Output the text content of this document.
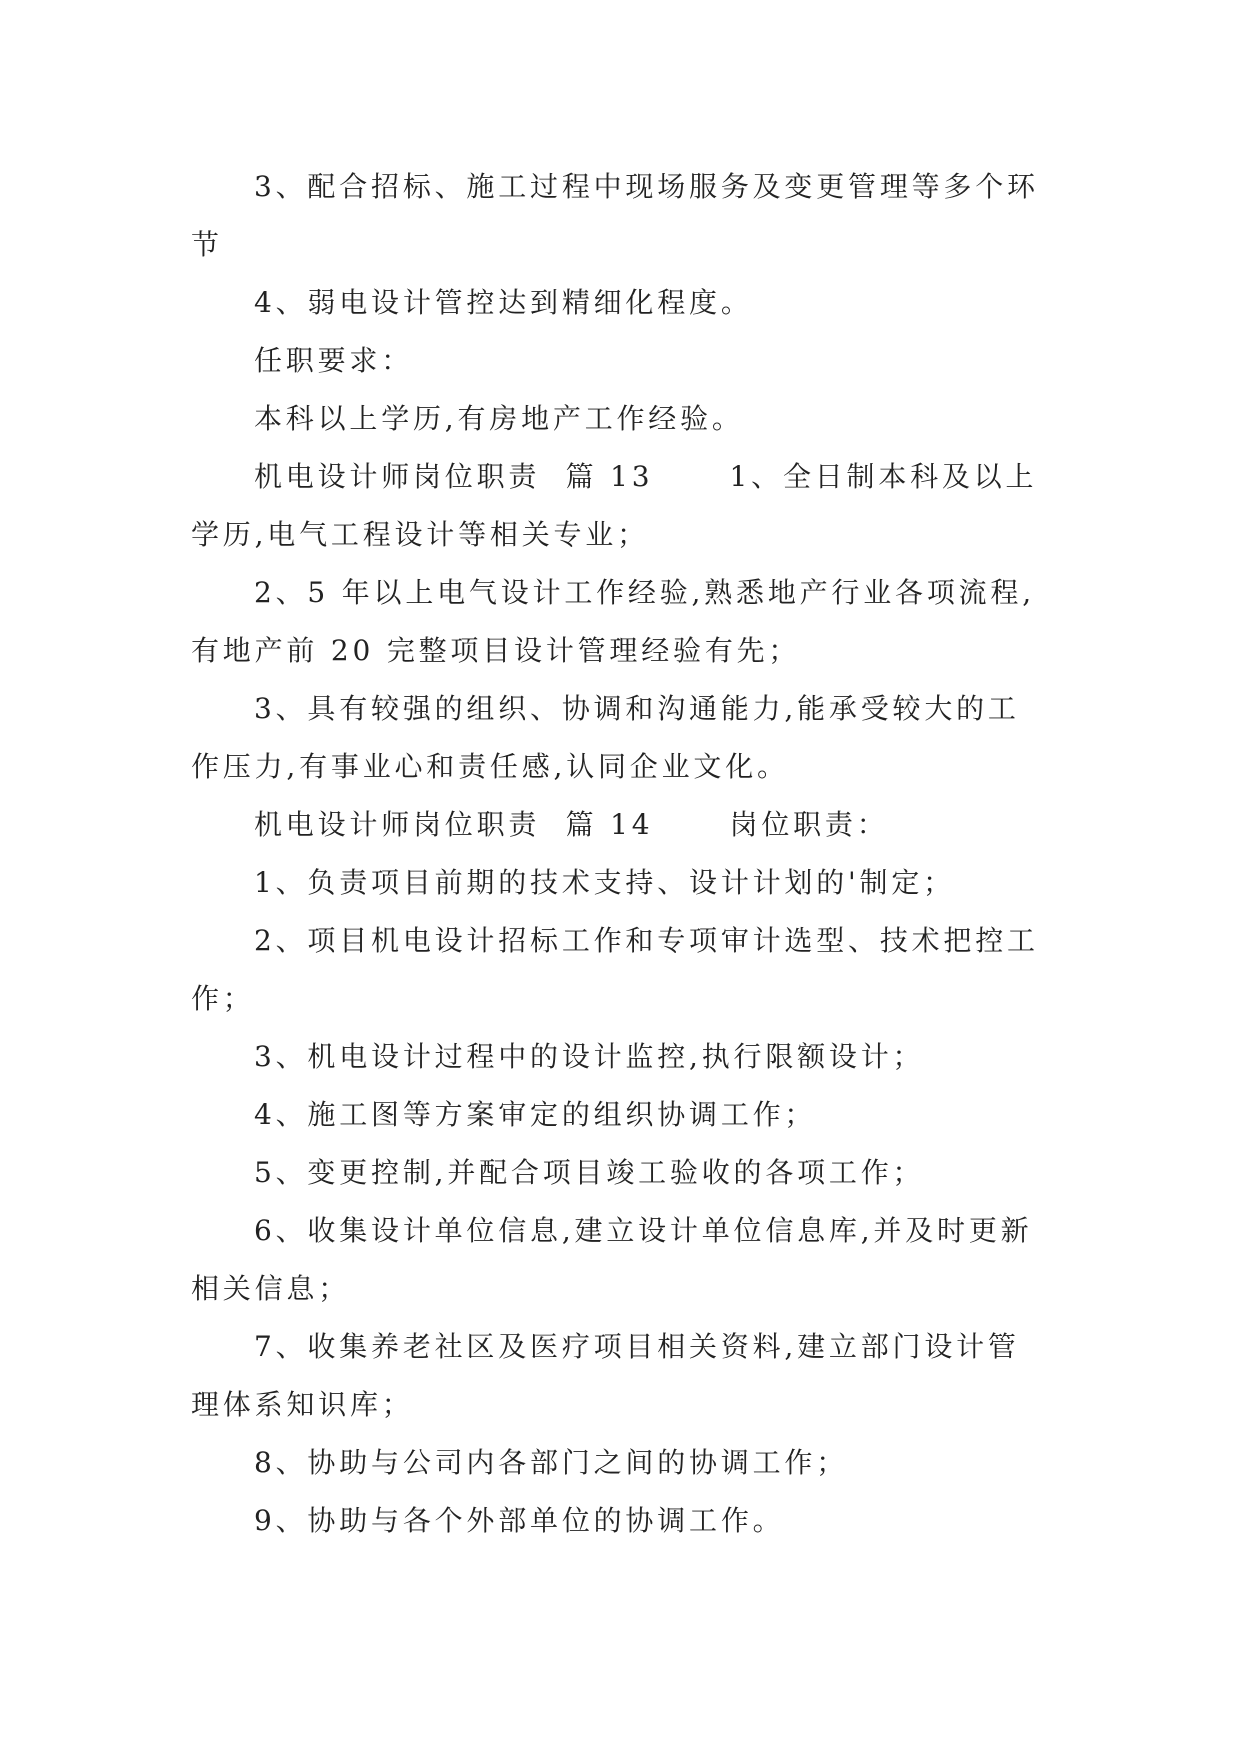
3、配合招标、施工过程中现场服务及变更管理等多个环节

4、弱电设计管控达到精细化程度。

任职要求：

本科以上学历,有房地产工作经验。

机电设计师岗位职责  篇 13      1、全日制本科及以上学历,电气工程设计等相关专业；

2、5 年以上电气设计工作经验,熟悉地产行业各项流程,有地产前 20 完整项目设计管理经验有先；

3、具有较强的组织、协调和沟通能力,能承受较大的工作压力,有事业心和责任感,认同企业文化。

机电设计师岗位职责  篇 14      岗位职责：

1、负责项目前期的技术支持、设计计划的'制定；

2、项目机电设计招标工作和专项审计选型、技术把控工作；

3、机电设计过程中的设计监控,执行限额设计；

4、施工图等方案审定的组织协调工作；

5、变更控制,并配合项目竣工验收的各项工作；

6、收集设计单位信息,建立设计单位信息库,并及时更新相关信息；

7、收集养老社区及医疗项目相关资料,建立部门设计管理体系知识库；

8、协助与公司内各部门之间的协调工作；

9、协助与各个外部单位的协调工作。
